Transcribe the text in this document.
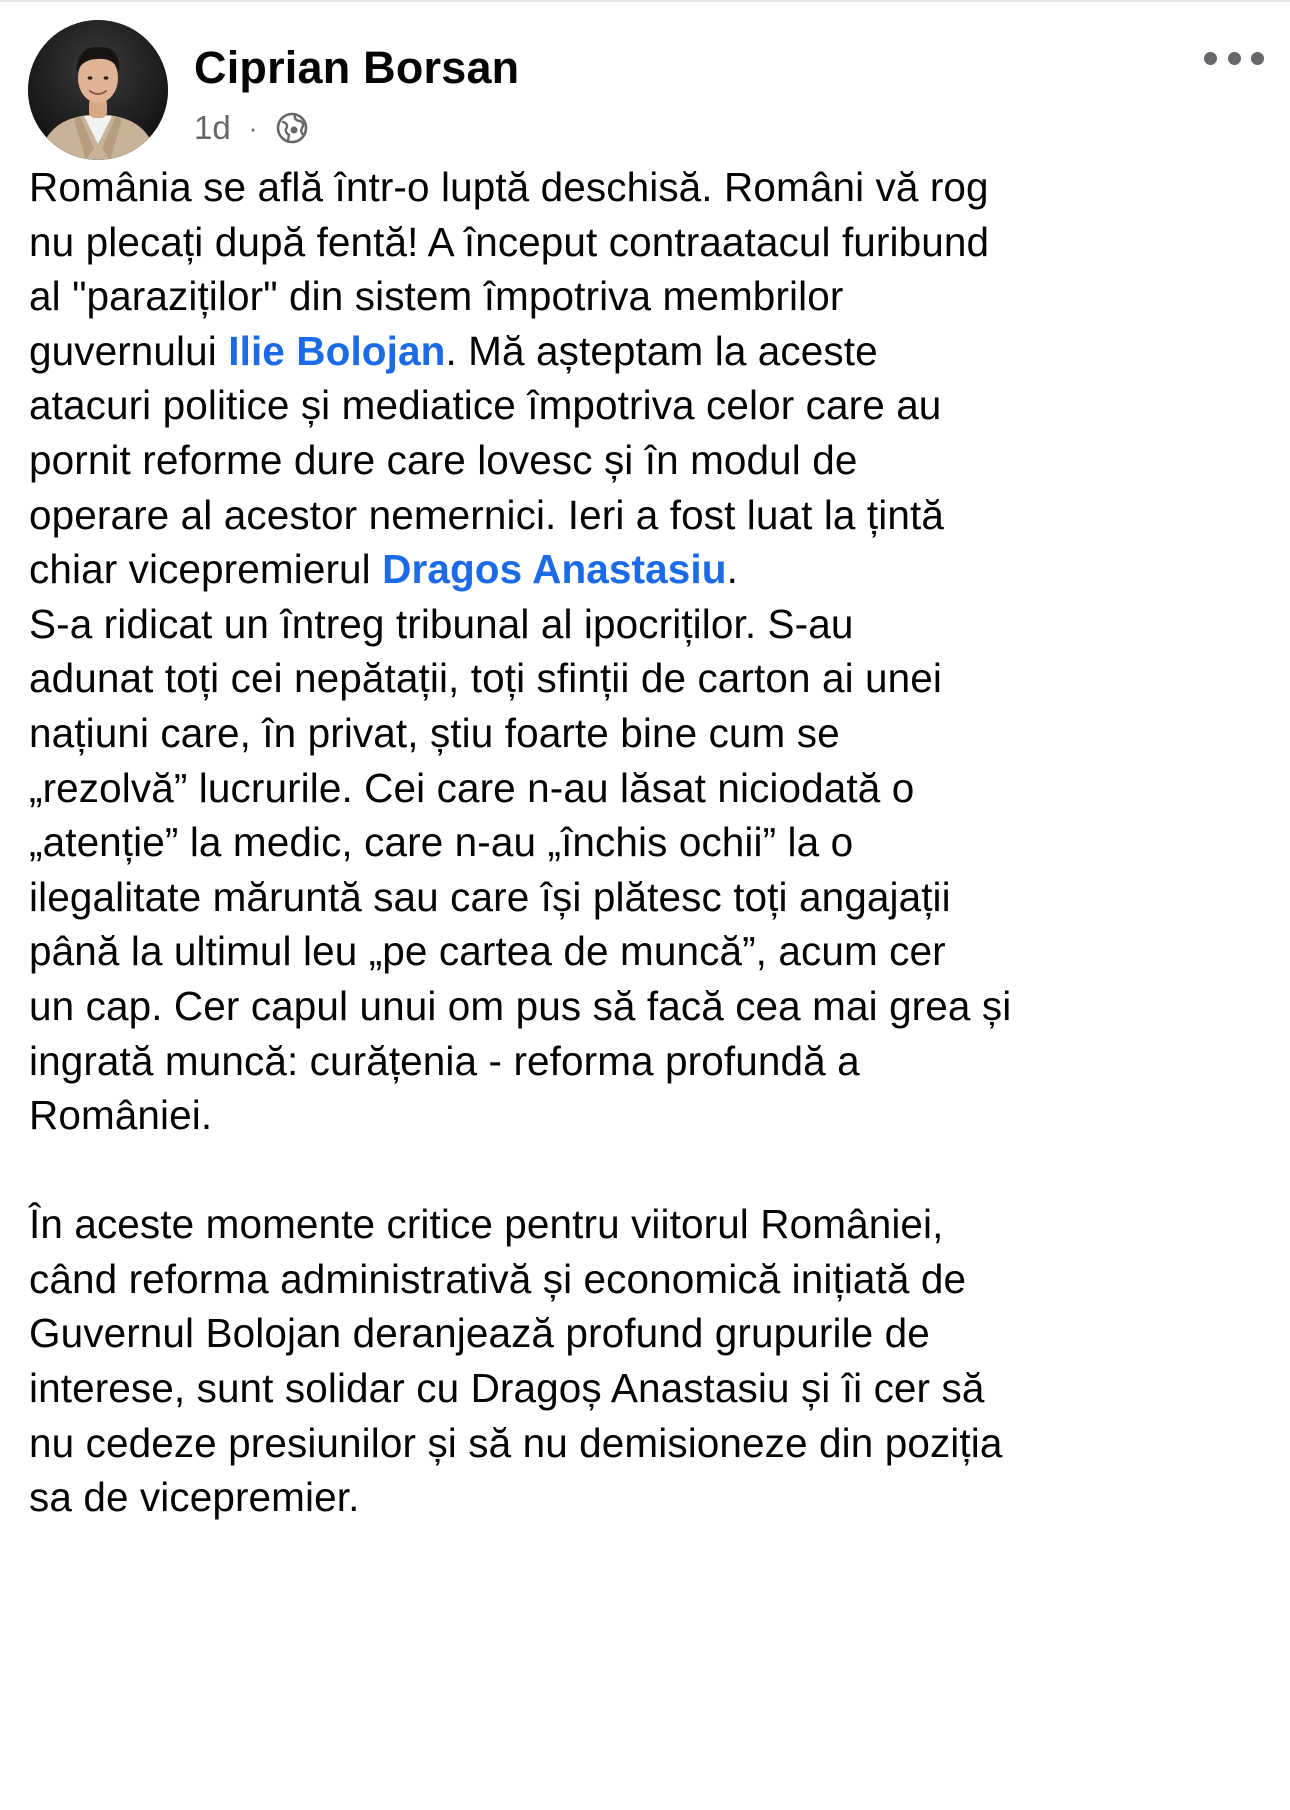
Ciprian Borsan
1d ·

România se află într-o luptă deschisă. Români vă rog

nu plecați după fentă! A început contraatacul furibund

al "paraziților" din sistem împotriva membrilor

guvernului Ilie Bolojan. Mă așteptam la aceste

atacuri politice și mediatice împotriva celor care au

pornit reforme dure care lovesc și în modul de

operare al acestor nemernici. Ieri a fost luat la țintă

chiar vicepremierul Dragos Anastasiu.

S-a ridicat un întreg tribunal al ipocriților. S-au

adunat toți cei nepătații, toți sfinții de carton ai unei

națiuni care, în privat, știu foarte bine cum se

„rezolvă” lucrurile. Cei care n-au lăsat niciodată o

„atenție” la medic, care n-au „închis ochii” la o

ilegalitate măruntă sau care își plătesc toți angajații

până la ultimul leu „pe cartea de muncă”, acum cer

un cap. Cer capul unui om pus să facă cea mai grea și

ingrată muncă: curățenia - reforma profundă a

României.

În aceste momente critice pentru viitorul României,

când reforma administrativă și economică inițiată de

Guvernul Bolojan deranjează profund grupurile de

interese, sunt solidar cu Dragoș Anastasiu și îi cer să

nu cedeze presiunilor și să nu demisioneze din poziția

sa de vicepremier.
